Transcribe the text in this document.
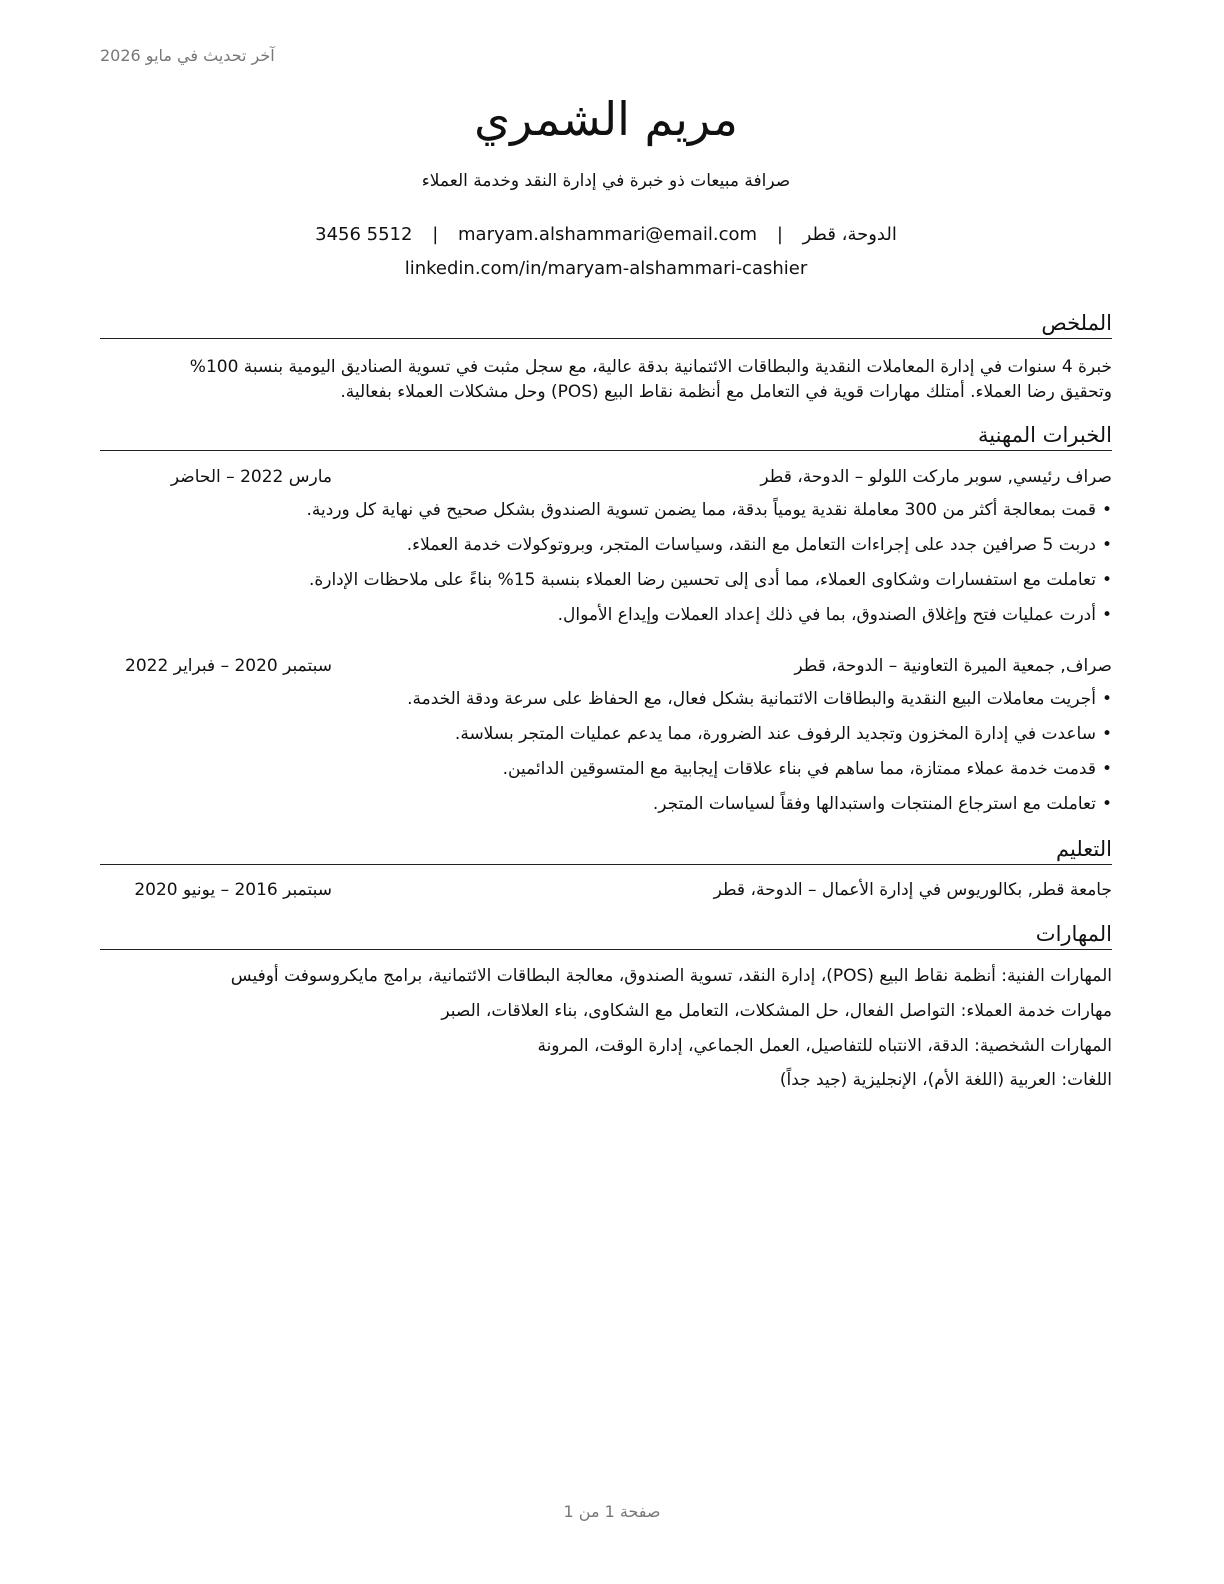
آخر تحديث في مايو 2026
مريم الشمري
صرافة مبيعات ذو خبرة في إدارة النقد وخدمة العملاء
الدوحة، قطر | maryam.alshammari@email.com | 3456 5512
linkedin.com/in/maryam-alshammari-cashier
الملخص
خبرة 4 سنوات في إدارة المعاملات النقدية والبطاقات الائتمانية بدقة عالية، مع سجل مثبت في تسوية الصناديق اليومية بنسبة 100%
وتحقيق رضا العملاء. أمتلك مهارات قوية في التعامل مع أنظمة نقاط البيع (POS) وحل مشكلات العملاء بفعالية.
الخبرات المهنية
صراف رئيسي, سوبر ماركت اللولو – الدوحة، قطر
مارس 2022 – الحاضر
• قمت بمعالجة أكثر من 300 معاملة نقدية يومياً بدقة، مما يضمن تسوية الصندوق بشكل صحيح في نهاية كل وردية.
• دربت 5 صرافين جدد على إجراءات التعامل مع النقد، وسياسات المتجر، وبروتوكولات خدمة العملاء.
• تعاملت مع استفسارات وشكاوى العملاء، مما أدى إلى تحسين رضا العملاء بنسبة 15% بناءً على ملاحظات الإدارة.
• أدرت عمليات فتح وإغلاق الصندوق، بما في ذلك إعداد العملات وإيداع الأموال.
صراف, جمعية الميرة التعاونية – الدوحة، قطر
سبتمبر 2020 – فبراير 2022
• أجريت معاملات البيع النقدية والبطاقات الائتمانية بشكل فعال، مع الحفاظ على سرعة ودقة الخدمة.
• ساعدت في إدارة المخزون وتجديد الرفوف عند الضرورة، مما يدعم عمليات المتجر بسلاسة.
• قدمت خدمة عملاء ممتازة، مما ساهم في بناء علاقات إيجابية مع المتسوقين الدائمين.
• تعاملت مع استرجاع المنتجات واستبدالها وفقاً لسياسات المتجر.
التعليم
جامعة قطر, بكالوريوس في إدارة الأعمال – الدوحة، قطر
سبتمبر 2016 – يونيو 2020
المهارات
المهارات الفنية: أنظمة نقاط البيع (POS)، إدارة النقد، تسوية الصندوق، معالجة البطاقات الائتمانية، برامج مايكروسوفت أوفيس
مهارات خدمة العملاء: التواصل الفعال، حل المشكلات، التعامل مع الشكاوى، بناء العلاقات، الصبر
المهارات الشخصية: الدقة، الانتباه للتفاصيل، العمل الجماعي، إدارة الوقت، المرونة
اللغات: العربية (اللغة الأم)، الإنجليزية (جيد جداً)
صفحة 1 من 1
